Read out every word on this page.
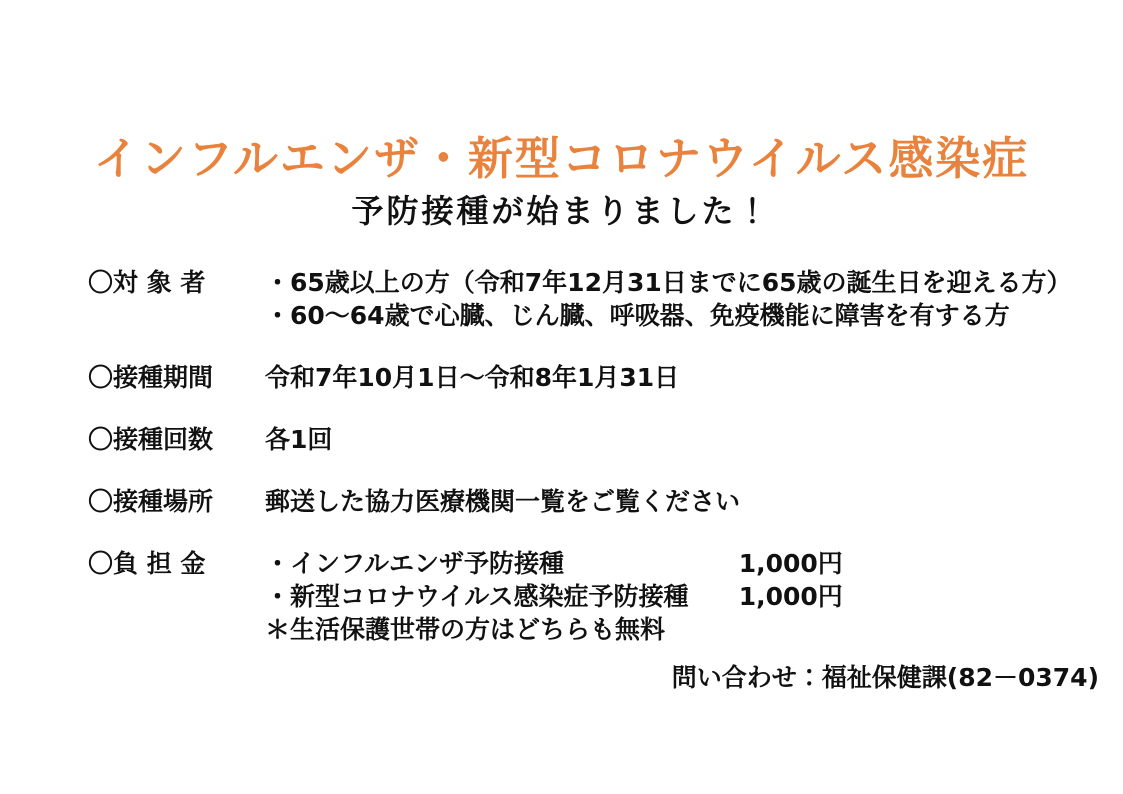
インフルエンザ・新型コロナウイルス感染症
予防接種が始まりました！
〇対 象 者	・65歳以上の方（令和7年12月31日までに65歳の誕生日を迎える方）
・60～64歳で心臓、じん臓、呼吸器、免疫機能に障害を有する方
〇接種期間	令和7年10月1日～令和8年1月31日
〇接種回数	各1回
〇接種場所	郵送した協力医療機関一覧をご覧ください
〇負 担 金	・インフルエンザ予防接種	1,000円
・新型コロナウイルス感染症予防接種 1,000円
＊生活保護世帯の方はどちらも無料
問い合わせ：福祉保健課(82－0374)
